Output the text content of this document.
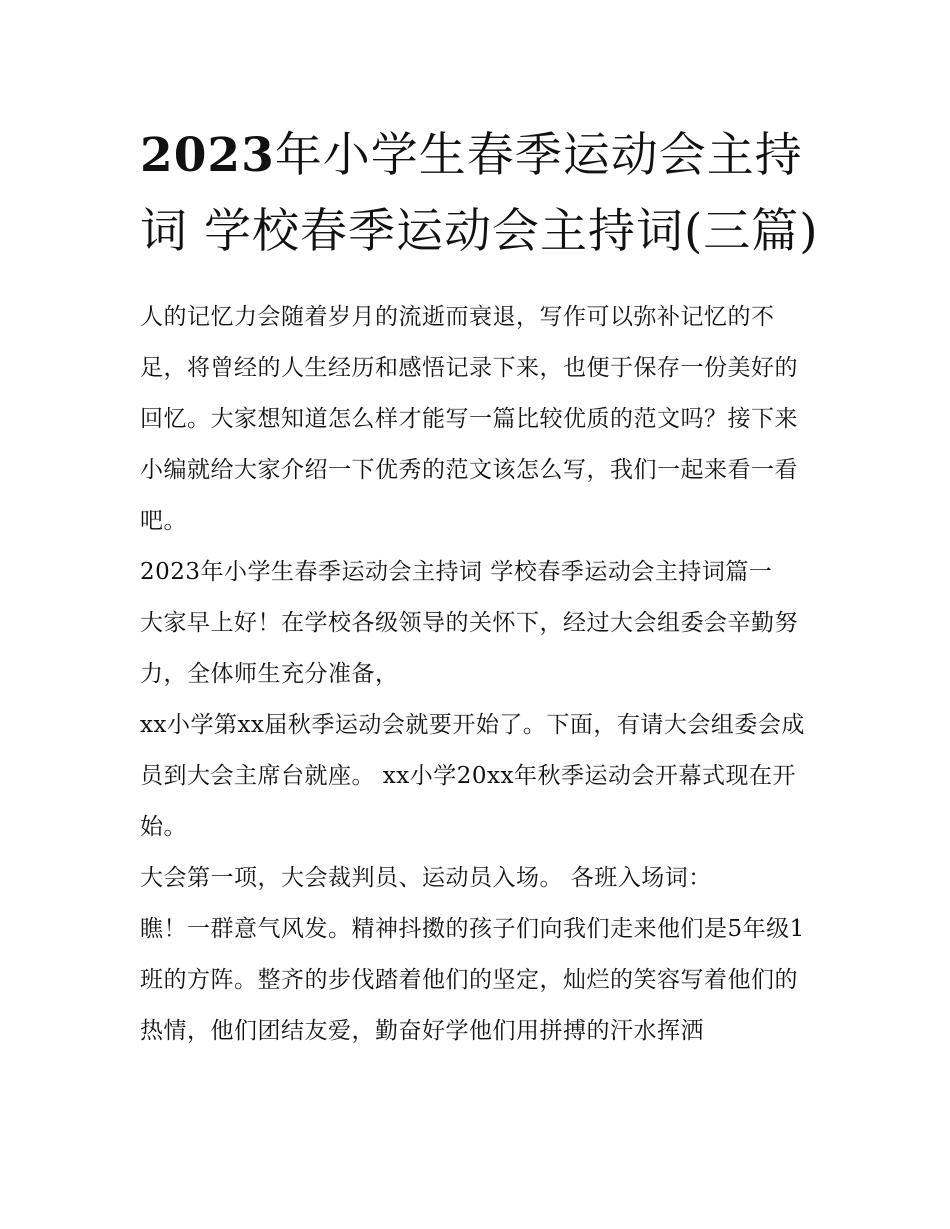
2023年小学生春季运动会主持词 学校春季运动会主持词(三篇)

人的记忆力会随着岁月的流逝而衰退，写作可以弥补记忆的不足，将曾经的人生经历和感悟记录下来，也便于保存一份美好的回忆。大家想知道怎么样才能写一篇比较优质的范文吗？接下来小编就给大家介绍一下优秀的范文该怎么写，我们一起来看一看吧。

2023年小学生春季运动会主持词 学校春季运动会主持词篇一

大家早上好！在学校各级领导的关怀下，经过大会组委会辛勤努力，全体师生充分准备，

xx小学第xx届秋季运动会就要开始了。下面，有请大会组委会成员到大会主席台就座。 xx小学20xx年秋季运动会开幕式现在开始。

大会第一项，大会裁判员、运动员入场。 各班入场词：

瞧！一群意气风发。精神抖擞的孩子们向我们走来他们是5年级1班的方阵。整齐的步伐踏着他们的坚定，灿烂的笑容写着他们的热情，他们团结友爱，勤奋好学他们用拼搏的汗水挥洒
